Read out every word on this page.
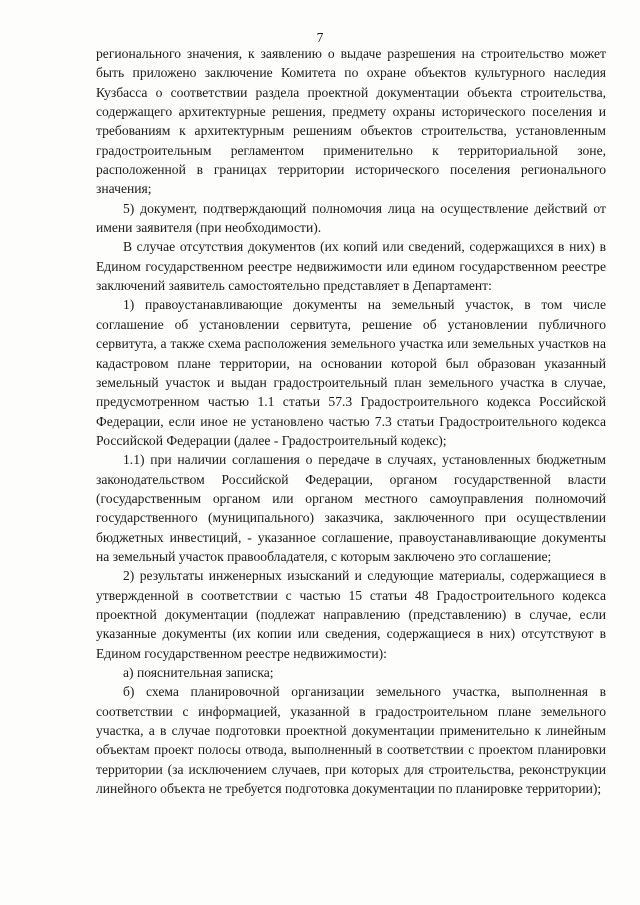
7

регионального значения, к заявлению о выдаче разрешения на строительство может быть приложено заключение Комитета по охране объектов культурного наследия Кузбасса о соответствии раздела проектной документации объекта строительства, содержащего архитектурные решения, предмету охраны исторического поселения и требованиям к архитектурным решениям объектов строительства, установленным градостроительным регламентом применительно к территориальной зоне, расположенной в границах территории исторического поселения регионального значения;

5) документ, подтверждающий полномочия лица на осуществление действий от имени заявителя (при необходимости).

В случае отсутствия документов (их копий или сведений, содержащихся в них) в Едином государственном реестре недвижимости или едином государственном реестре заключений заявитель самостоятельно представляет в Департамент:

1) правоустанавливающие документы на земельный участок, в том числе соглашение об установлении сервитута, решение об установлении публичного сервитута, а также схема расположения земельного участка или земельных участков на кадастровом плане территории, на основании которой был образован указанный земельный участок и выдан градостроительный план земельного участка в случае, предусмотренном частью 1.1 статьи 57.3 Градостроительного кодекса Российской Федерации, если иное не установлено частью 7.3 статьи Градостроительного кодекса Российской Федерации (далее - Градостроительный кодекс);

1.1) при наличии соглашения о передаче в случаях, установленных бюджетным законодательством Российской Федерации, органом государственной власти (государственным органом или органом местного самоуправления полномочий государственного (муниципального) заказчика, заключенного при осуществлении бюджетных инвестиций, - указанное соглашение, правоустанавливающие документы на земельный участок правообладателя, с которым заключено это соглашение;

2) результаты инженерных изысканий и следующие материалы, содержащиеся в утвержденной в соответствии с частью 15 статьи 48 Градостроительного кодекса проектной документации (подлежат направлению (представлению) в случае, если указанные документы (их копии или сведения, содержащиеся в них) отсутствуют в Едином государственном реестре недвижимости):

а) пояснительная записка;

б) схема планировочной организации земельного участка, выполненная в соответствии с информацией, указанной в градостроительном плане земельного участка, а в случае подготовки проектной документации применительно к линейным объектам проект полосы отвода, выполненный в соответствии с проектом планировки территории (за исключением случаев, при которых для строительства, реконструкции линейного объекта не требуется подготовка документации по планировке территории);
